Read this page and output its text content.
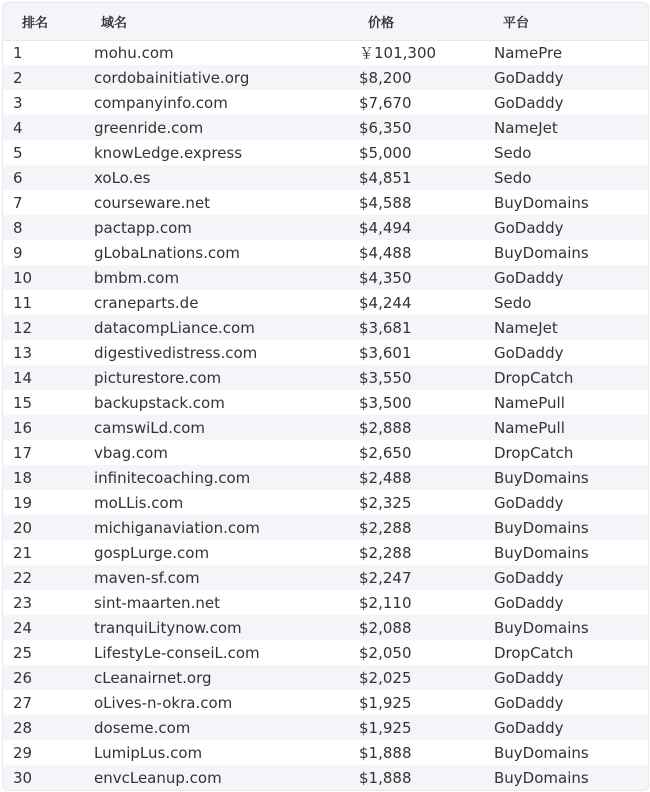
排名	域名	价格	平台
1	mohu.com	￥101,300	NamePre
2	cordobainitiative.org	$8,200	GoDaddy
3	companyinfo.com	$7,670	GoDaddy
4	greenride.com	$6,350	NameJet
5	knowLedge.express	$5,000	Sedo
6	xoLo.es	$4,851	Sedo
7	courseware.net	$4,588	BuyDomains
8	pactapp.com	$4,494	GoDaddy
9	gLobaLnations.com	$4,488	BuyDomains
10	bmbm.com	$4,350	GoDaddy
11	craneparts.de	$4,244	Sedo
12	datacompLiance.com	$3,681	NameJet
13	digestivedistress.com	$3,601	GoDaddy
14	picturestore.com	$3,550	DropCatch
15	backupstack.com	$3,500	NamePull
16	camswiLd.com	$2,888	NamePull
17	vbag.com	$2,650	DropCatch
18	infinitecoaching.com	$2,488	BuyDomains
19	moLLis.com	$2,325	GoDaddy
20	michiganaviation.com	$2,288	BuyDomains
21	gospLurge.com	$2,288	BuyDomains
22	maven-sf.com	$2,247	GoDaddy
23	sint-maarten.net	$2,110	GoDaddy
24	tranquiLitynow.com	$2,088	BuyDomains
25	LifestyLe-conseiL.com	$2,050	DropCatch
26	cLeanairnet.org	$2,025	GoDaddy
27	oLives-n-okra.com	$1,925	GoDaddy
28	doseme.com	$1,925	GoDaddy
29	LumipLus.com	$1,888	BuyDomains
30	envcLeanup.com	$1,888	BuyDomains
